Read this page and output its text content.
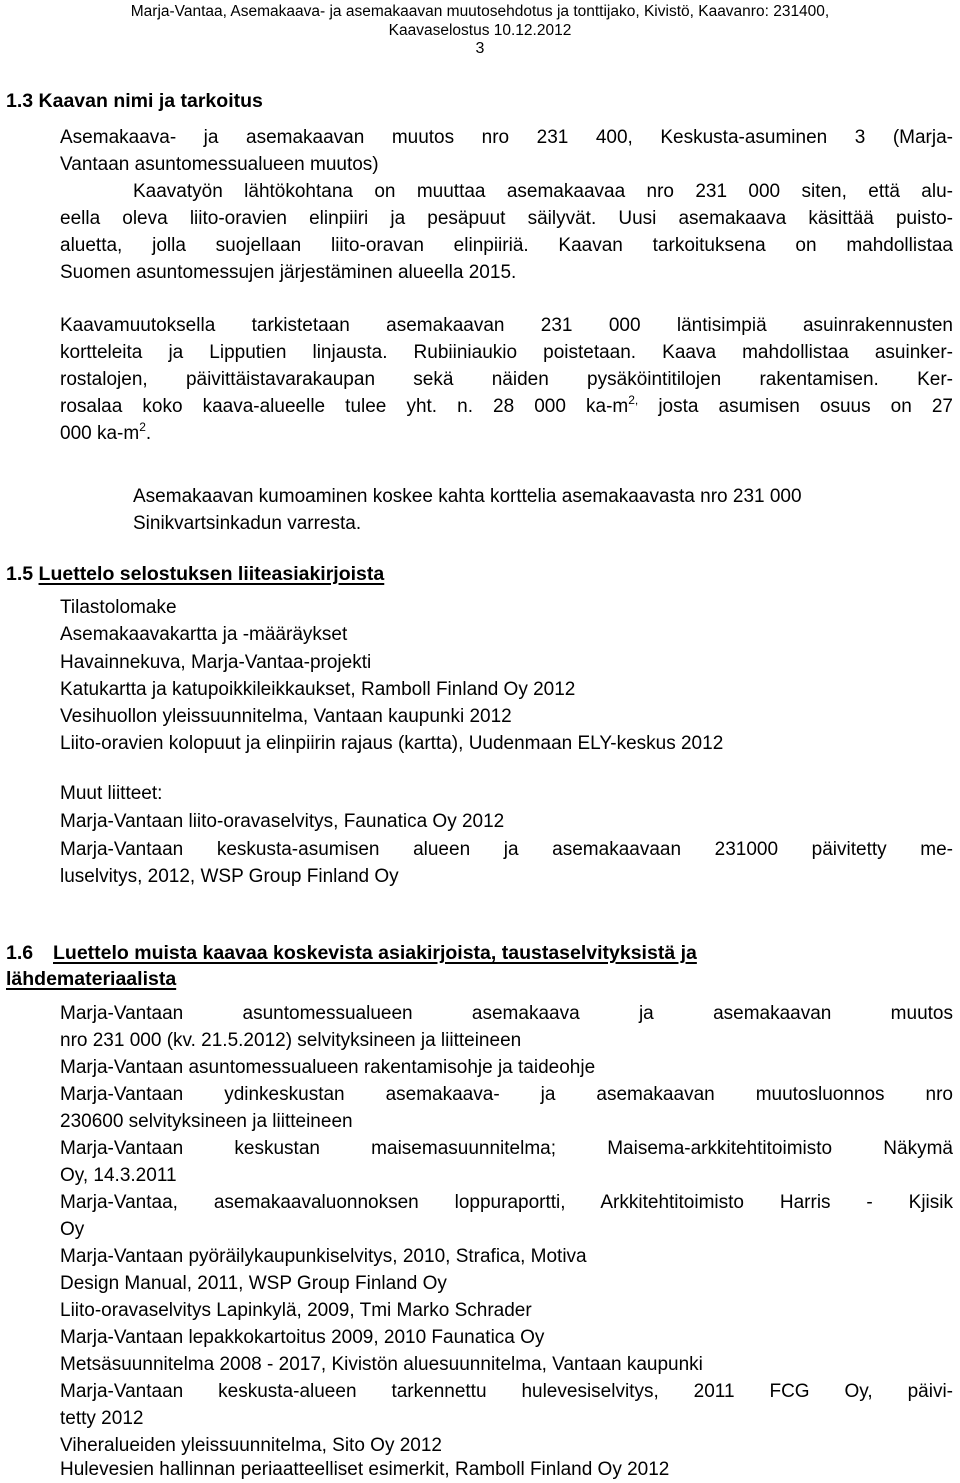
Marja-Vantaa, Asemakaava- ja asemakaavan muutosehdotus ja tonttijako, Kivistö, Kaavanro: 231400,
Kaavaselostus 10.12.2012
3
1.3 Kaavan nimi ja tarkoitus
Asemakaava- ja asemakaavan muutos nro 231 400, Keskusta-asuminen 3 (Marja-
Vantaan asuntomessualueen muutos)
Kaavatyön lähtökohtana on muuttaa asemakaavaa nro 231 000 siten, että alu-
eella oleva liito-oravien elinpiiri ja pesäpuut säilyvät. Uusi asemakaava käsittää puisto-
aluetta, jolla suojellaan liito-oravan elinpiiriä. Kaavan tarkoituksena on mahdollistaa
Suomen asuntomessujen järjestäminen alueella 2015.
Kaavamuutoksella tarkistetaan asemakaavan 231 000 läntisimpiä asuinrakennusten
kortteleita ja Lipputien linjausta. Rubiiniaukio poistetaan. Kaava mahdollistaa asuinker-
rostalojen, päivittäistavarakaupan sekä näiden pysäköintitilojen rakentamisen. Ker-
rosalaa koko kaava-alueelle tulee yht. n. 28 000 $ka-m^{2,}$ josta asumisen osuus on 27
000 $ka-m^2$.
Asemakaavan kumoaminen koskee kahta korttelia asemakaavasta nro 231 000
Sinikvartsinkadun varresta.
1.5 Luettelo selostuksen liiteasiakirjoista
Tilastolomake
Asemakaavakartta ja -määräykset
Havainnekuva, Marja-Vantaa-projekti
Katukartta ja katupoikkileikkaukset, Ramboll Finland Oy 2012
Vesihuollon yleissuunnitelma, Vantaan kaupunki 2012
Liito-oravien kolopuut ja elinpiirin rajaus (kartta), Uudenmaan ELY-keskus 2012
Muut liitteet:
Marja-Vantaan liito-oravaselvitys, Faunatica Oy 2012
Marja-Vantaan keskusta-asumisen alueen ja asemakaavaan 231000 päivitetty me-
luselvitys, 2012, WSP Group Finland Oy
1.6 Luettelo muista kaavaa koskevista asiakirjoista, taustaselvityksistä ja
lähdemateriaalista
Marja-Vantaan asuntomessualueen asemakaava ja asemakaavan muutos
nro 231 000 (kv. 21.5.2012) selvityksineen ja liitteineen
Marja-Vantaan asuntomessualueen rakentamisohje ja taideohje
Marja-Vantaan ydinkeskustan asemakaava- ja asemakaavan muutosluonnos nro
230600 selvityksineen ja liitteineen
Marja-Vantaan keskustan maisemasuunnitelma; Maisema-arkkitehtitoimisto Näkymä
Oy, 14.3.2011
Marja-Vantaa, asemakaavaluonnoksen loppuraportti, Arkkitehtitoimisto Harris - Kjisik
Oy
Marja-Vantaan pyöräilykaupunkiselvitys, 2010, Strafica, Motiva
Design Manual, 2011, WSP Group Finland Oy
Liito-oravaselvitys Lapinkylä, 2009, Tmi Marko Schrader
Marja-Vantaan lepakkokartoitus 2009, 2010 Faunatica Oy
Metsäsuunnitelma 2008 - 2017, Kivistön aluesuunnitelma, Vantaan kaupunki
Marja-Vantaan keskusta-alueen tarkennettu hulevesiselvitys, 2011 FCG Oy, päivi-
tetty 2012
Viheralueiden yleissuunnitelma, Sito Oy 2012
Hulevesien hallinnan periaatteelliset esimerkit, Ramboll Finland Oy 2012
